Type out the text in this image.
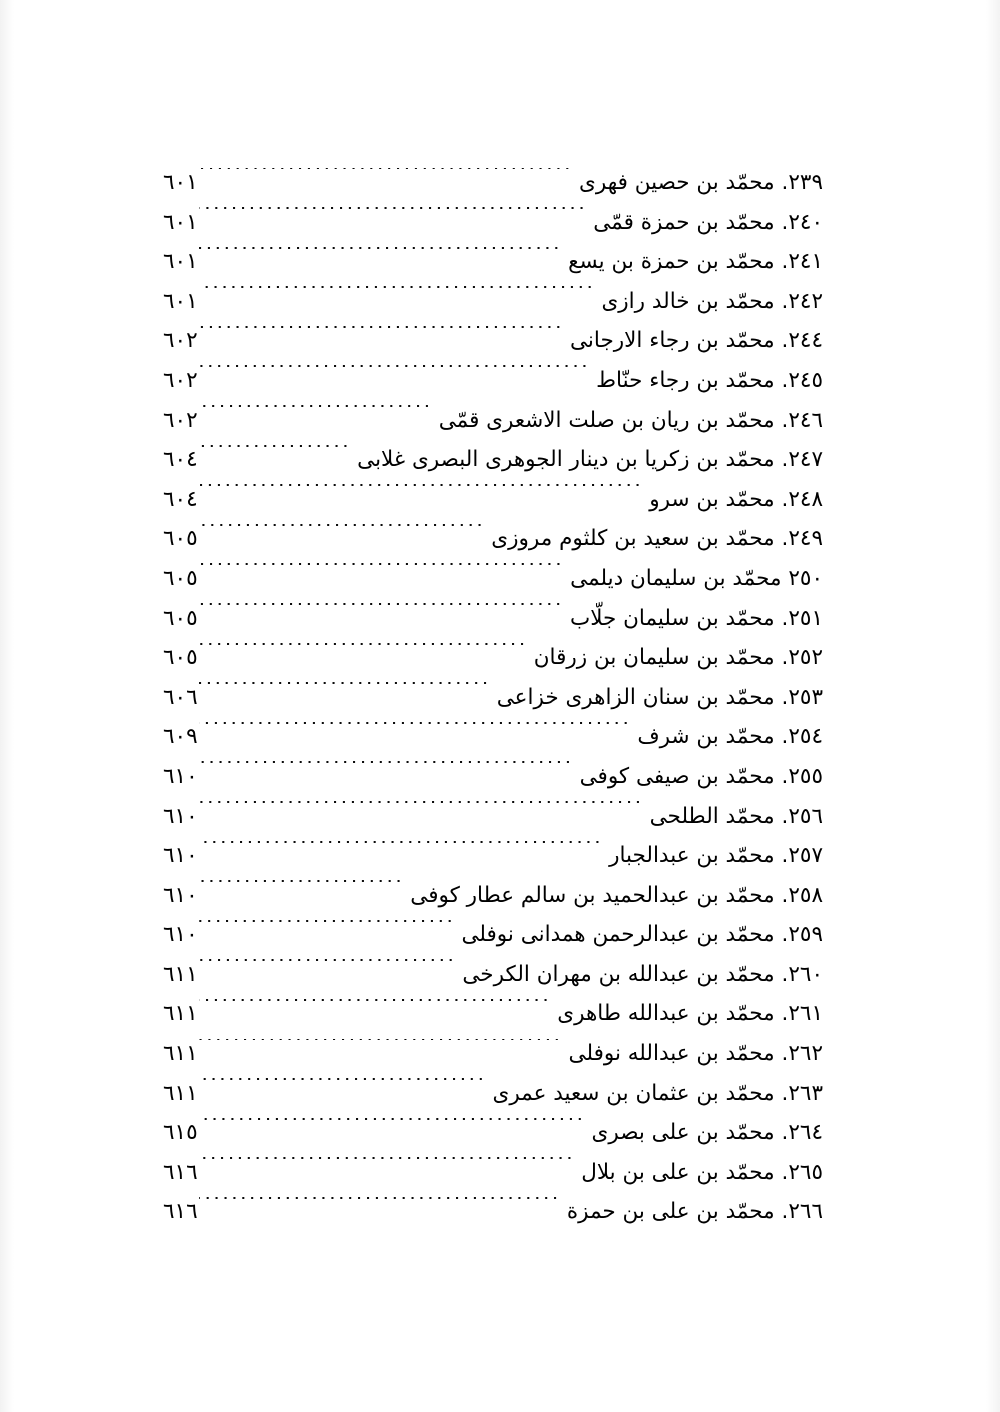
٢٣٩. محمّد بن حصين فهرى
.....
٦٠١
٢٤٠. محمّد بن حمزة قمّى
.....
٦٠١
٢٤١. محمّد بن حمزة بن يسع
.....
٦٠١
٢٤٢. محمّد بن خالد رازى
.....
٦٠١
٢٤٤. محمّد بن رجاء الارجانى
.....
٦٠٢
٢٤٥. محمّد بن رجاء حنّاط
.....
٦٠٢
٢٤٦. محمّد بن ريان بن صلت الاشعرى قمّى
.....
٦٠٢
٢٤٧. محمّد بن زكريا بن دينار الجوهرى البصرى غلابى
.....
٦٠٤
٢٤٨. محمّد بن سرو
.....
٦٠٤
٢٤٩. محمّد بن سعيد بن كلثوم مروزى
.....
٦٠٥
٢٥٠ محمّد بن سليمان ديلمى
.....
٦٠٥
٢٥١. محمّد بن سليمان جلّاب
.....
٦٠٥
٢٥٢. محمّد بن سليمان بن زرقان
.....
٦٠٥
٢٥٣. محمّد بن سنان الزاهرى خزاعى
.....
٦٠٦
٢٥٤. محمّد بن شرف
.....
٦٠٩
٢٥٥. محمّد بن صيفى كوفى
.....
٦١٠
٢٥٦. محمّد الطلحى
.....
٦١٠
٢٥٧. محمّد بن عبدالجبار
.....
٦١٠
٢٥٨. محمّد بن عبدالحميد بن سالم عطار كوفى
.....
٦١٠
٢٥٩. محمّد بن عبدالرحمن همدانى نوفلى
.....
٦١٠
٢٦٠. محمّد بن عبدالله بن مهران الكرخى
.....
٦١١
٢٦١. محمّد بن عبدالله طاهرى
.....
٦١١
٢٦٢. محمّد بن عبدالله نوفلى
.....
٦١١
٢٦٣. محمّد بن عثمان بن سعيد عمرى
.....
٦١١
٢٦٤. محمّد بن على بصرى
.....
٦١٥
٢٦٥. محمّد بن على بن بلال
.....
٦١٦
٢٦٦. محمّد بن على بن حمزة
.....
٦١٦
